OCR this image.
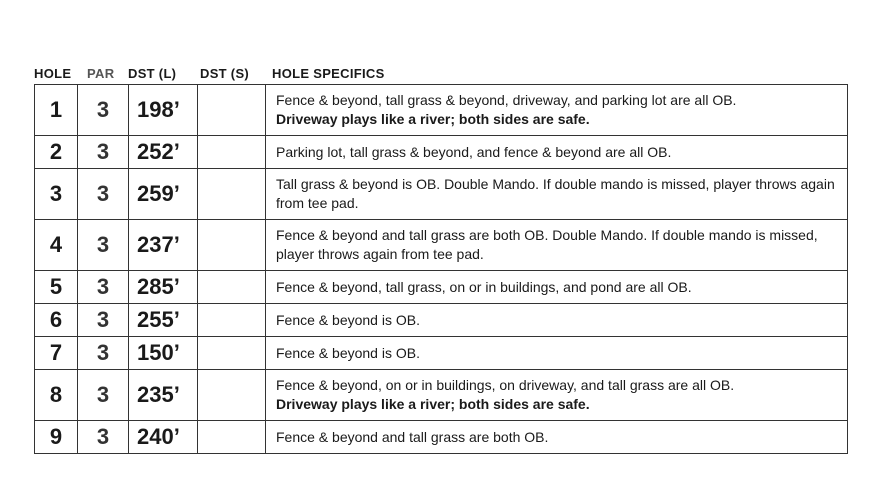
HOLE	PAR	DST (L)	DST (S)	HOLE SPECIFICS
1	3	198’		Fence & beyond, tall grass & beyond, driveway, and parking lot are all OB.
Driveway plays like a river; both sides are safe.

2	3	252’		Parking lot, tall grass & beyond, and fence & beyond are all OB.

3	3	259’		Tall grass & beyond is OB. Double Mando. If double mando is missed, player throws again from tee pad.

4	3	237’		Fence & beyond and tall grass are both OB. Double Mando. If double mando is missed, player throws again from tee pad.

5	3	285’		Fence & beyond, tall grass, on or in buildings, and pond are all OB.

6	3	255’		Fence & beyond is OB.

7	3	150’		Fence & beyond is OB.

8	3	235’		Fence & beyond, on or in buildings, on driveway, and tall grass are all OB.
Driveway plays like a river; both sides are safe.

9	3	240’		Fence & beyond and tall grass are both OB.
